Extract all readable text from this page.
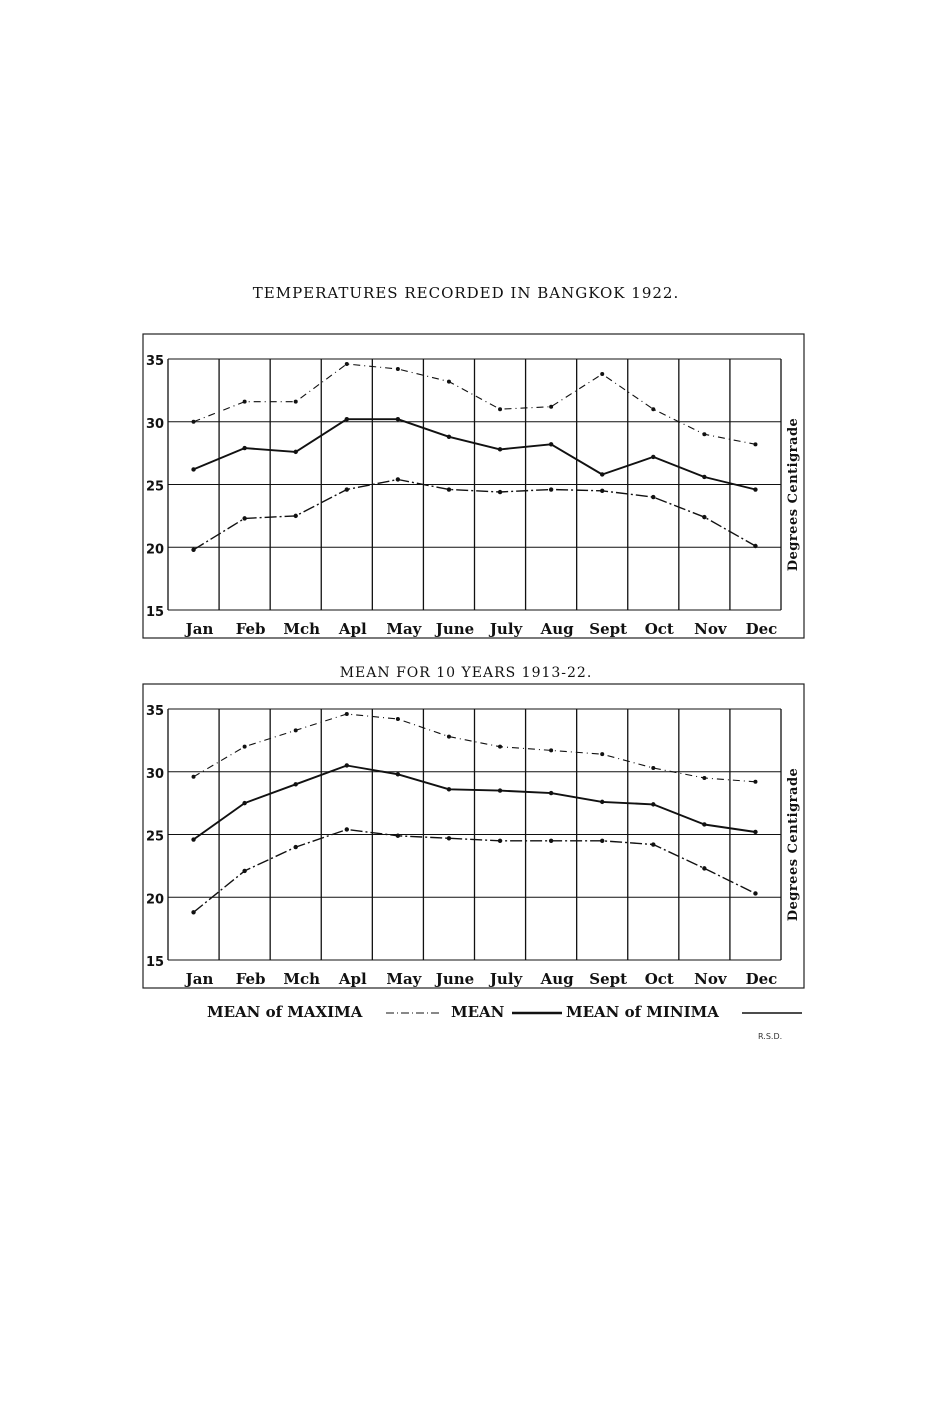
TEMPERATURES RECORDED IN BANGKOK 1922.
15
20
25
30
35
Jan Feb Mch Apl May June July Aug Sept Oct Nov Dec
Degrees Centigrade
MEAN FOR 10 YEARS 1913-22.
15
20
25
30
35
Jan Feb Mch Apl May June July Aug Sept Oct Nov Dec
Degrees Centigrade
MEAN of MAXIMA	MEAN	MEAN of MINIMA
R.S.D.
